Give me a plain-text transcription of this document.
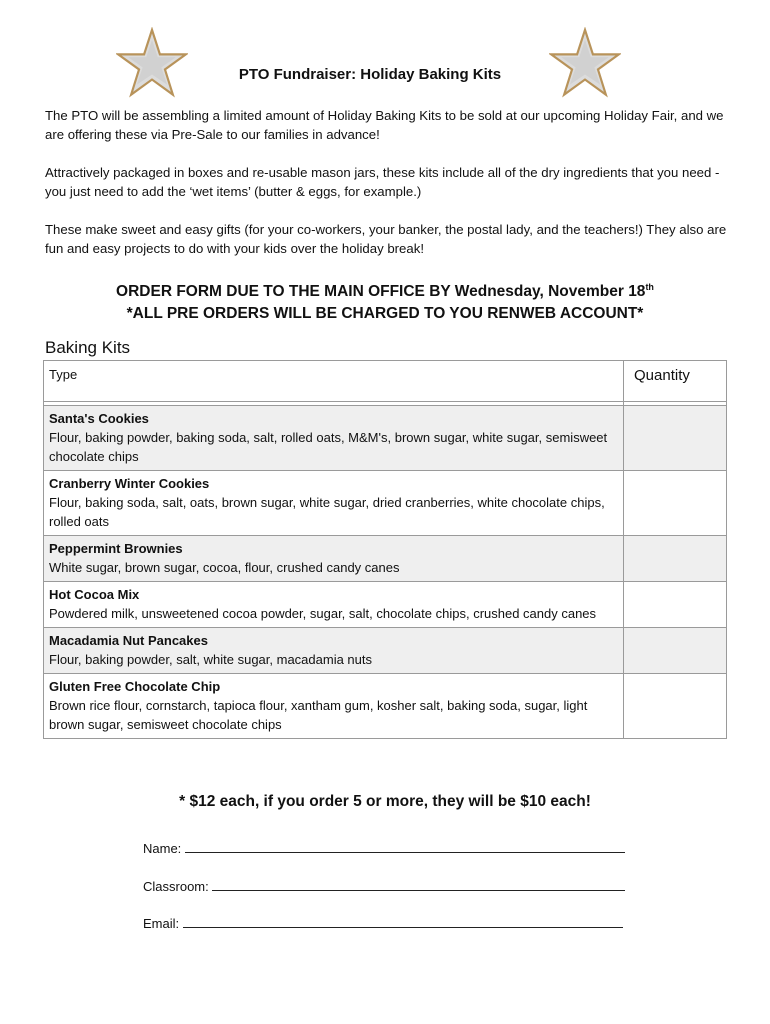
PTO Fundraiser: Holiday Baking Kits
The PTO will be assembling a limited amount of Holiday Baking Kits to be sold at our upcoming Holiday Fair, and we are offering these via Pre-Sale to our families in advance!
Attractively packaged in boxes and re-usable mason jars, these kits include all of the dry ingredients that you need - you just need to add the ‘wet items’ (butter & eggs, for example.)
These make sweet and easy gifts (for your co-workers, your banker, the postal lady, and the teachers!) They also are fun and easy projects to do with your kids over the holiday break!
ORDER FORM DUE TO THE MAIN OFFICE BY Wednesday, November 18th
*ALL PRE ORDERS WILL BE CHARGED TO YOU RENWEB ACCOUNT*
Baking Kits
Type	Quantity

Santa's Cookies
Flour, baking powder, baking soda, salt, rolled oats, M&M's, brown sugar, white sugar, semisweet chocolate chips	

Cranberry Winter Cookies
Flour, baking soda, salt, oats, brown sugar, white sugar, dried cranberries, white chocolate chips, rolled oats	

Peppermint Brownies
White sugar, brown sugar, cocoa, flour, crushed candy canes	

Hot Cocoa Mix
Powdered milk, unsweetened cocoa powder, sugar, salt, chocolate chips, crushed candy canes	

Macadamia Nut Pancakes
Flour, baking powder, salt, white sugar, macadamia nuts	

Gluten Free Chocolate Chip
Brown rice flour, cornstarch, tapioca flour, xantham gum, kosher salt, baking soda, sugar, light brown sugar, semisweet chocolate chips	

* $12 each, if you order 5 or more, they will be $10 each!
Name:
Classroom:
Email:
